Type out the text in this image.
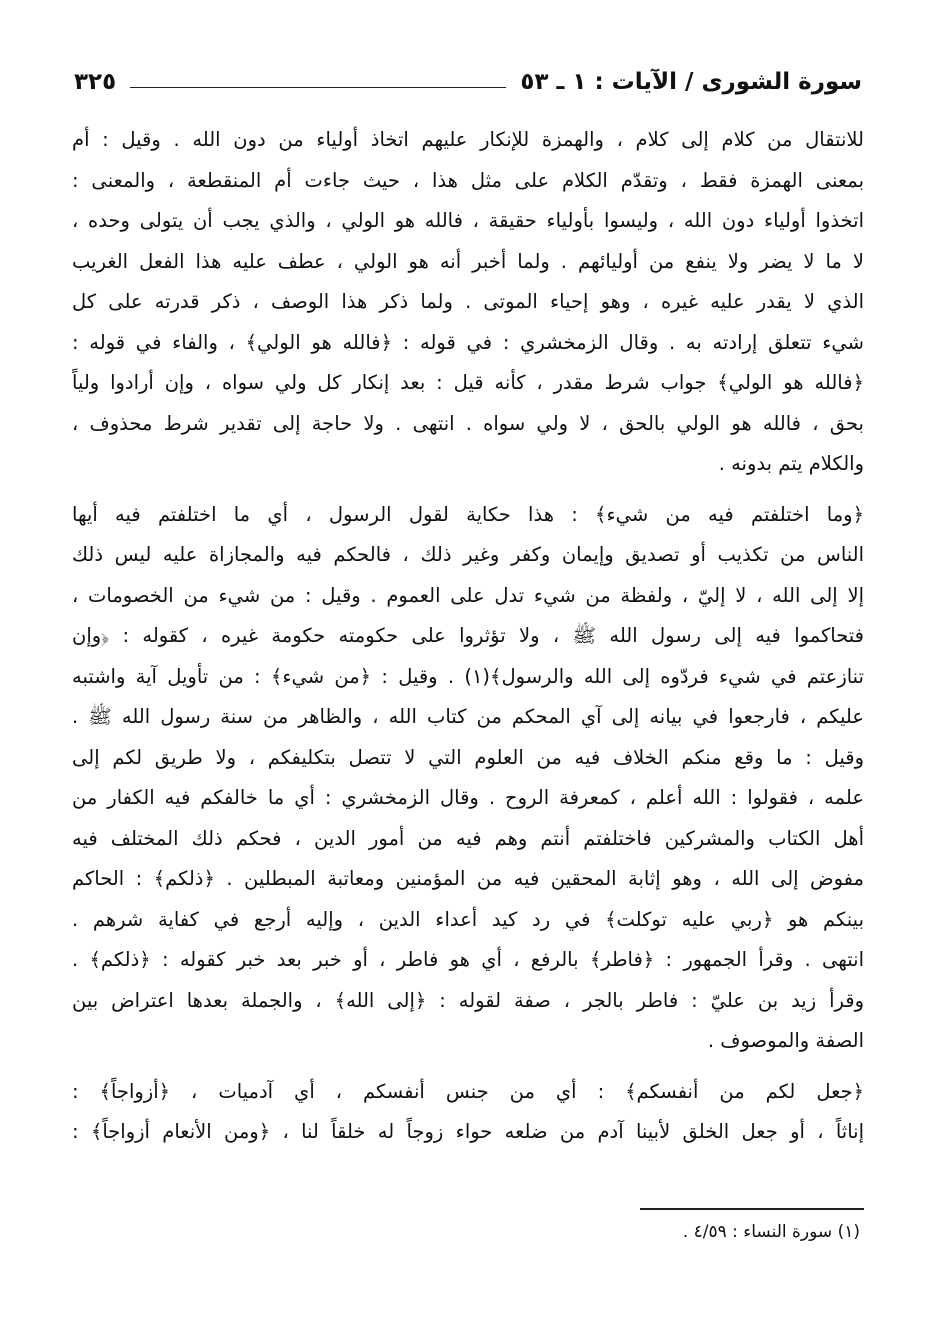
سورة الشورى / الآيات : ١ ـ ٥٣
٣٢٥
للانتقال من كلام إلى كلام ، والهمزة للإنكار عليهم اتخاذ أولياء من دون الله . وقيل : أم
بمعنى الهمزة فقط ، وتقدّم الكلام على مثل هذا ، حيث جاءت أم المنقطعة ، والمعنى :
اتخذوا أولياء دون الله ، وليسوا بأولياء حقيقة ، فالله هو الولي ، والذي يجب أن يتولى وحده ،
لا ما لا يضر ولا ينفع من أوليائهم . ولما أخبر أنه هو الولي ، عطف عليه هذا الفعل الغريب
الذي لا يقدر عليه غيره ، وهو إحياء الموتى . ولما ذكر هذا الوصف ، ذكر قدرته على كل
شيء تتعلق إرادته به . وقال الزمخشري : في قوله : ﴿فالله هو الولي﴾ ، والفاء في قوله :
﴿فالله هو الولي﴾ جواب شرط مقدر ، كأنه قيل : بعد إنكار كل ولي سواه ، وإن أرادوا ولياً
بحق ، فالله هو الولي بالحق ، لا ولي سواه . انتهى . ولا حاجة إلى تقدير شرط محذوف ،
والكلام يتم بدونه .
﴿وما اختلفتم فيه من شيء﴾ : هذا حكاية لقول الرسول ، أي ما اختلفتم فيه أيها
الناس من تكذيب أو تصديق وإيمان وكفر وغير ذلك ، فالحكم فيه والمجازاة عليه ليس ذلك
إلا إلى الله ، لا إليّ ، ولفظة من شيء تدل على العموم . وقيل : من شيء من الخصومات ،
فتحاكموا فيه إلى رسول الله ﷺ ، ولا تؤثروا على حكومته حكومة غيره ، كقوله : ﴿وإن
تنازعتم في شيء فردّوه إلى الله والرسول﴾(١) . وقيل : ﴿من شيء﴾ : من تأويل آية واشتبه
عليكم ، فارجعوا في بيانه إلى آي المحكم من كتاب الله ، والظاهر من سنة رسول الله ﷺ .
وقيل : ما وقع منكم الخلاف فيه من العلوم التي لا تتصل بتكليفكم ، ولا طريق لكم إلى
علمه ، فقولوا : الله أعلم ، كمعرفة الروح . وقال الزمخشري : أي ما خالفكم فيه الكفار من
أهل الكتاب والمشركين فاختلفتم أنتم وهم فيه من أمور الدين ، فحكم ذلك المختلف فيه
مفوض إلى الله ، وهو إثابة المحقين فيه من المؤمنين ومعاتبة المبطلين . ﴿ذلكم﴾ : الحاكم
بينكم هو ﴿ربي عليه توكلت﴾ في رد كيد أعداء الدين ، وإليه أرجع في كفاية شرهم .
انتهى . وقرأ الجمهور : ﴿فاطر﴾ بالرفع ، أي هو فاطر ، أو خبر بعد خبر كقوله : ﴿ذلكم﴾ .
وقرأ زيد بن عليّ : فاطر بالجر ، صفة لقوله : ﴿إلى الله﴾ ، والجملة بعدها اعتراض بين
الصفة والموصوف .
﴿جعل لكم من أنفسكم﴾ : أي من جنس أنفسكم ، أي آدميات ، ﴿أزواجاً﴾ :
إناثاً ، أو جعل الخلق لأبينا آدم من ضلعه حواء زوجاً له خلقاً لنا ، ﴿ومن الأنعام أزواجاً﴾ :
(١) سورة النساء : ٤/٥٩ .
